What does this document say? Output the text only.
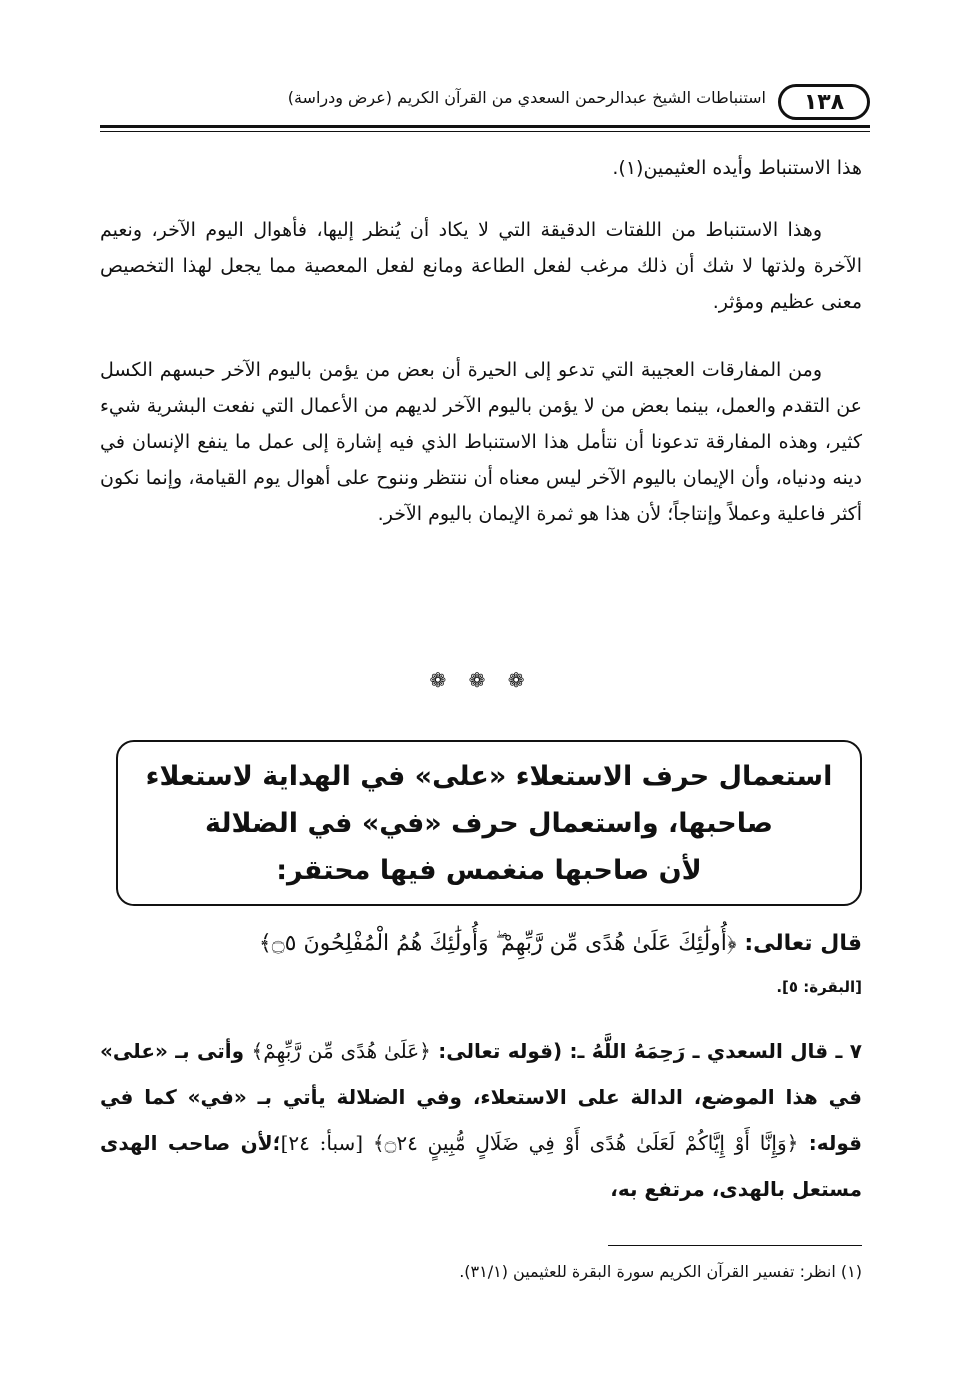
١٣٨
استنباطات الشيخ عبدالرحمن السعدي من القرآن الكريم (عرض ودراسة)
هذا الاستنباط وأيده العثيمين(١).
وهذا الاستنباط من اللفتات الدقيقة التي لا يكاد أن يُنظر إليها، فأهوال اليوم الآخر، ونعيم الآخرة ولذتها لا شك أن ذلك مرغب لفعل الطاعة ومانع لفعل المعصية مما يجعل لهذا التخصيص معنى عظيم ومؤثر.
ومن المفارقات العجيبة التي تدعو إلى الحيرة أن بعض من يؤمن باليوم الآخر حبسهم الكسل عن التقدم والعمل، بينما بعض من لا يؤمن باليوم الآخر لديهم من الأعمال التي نفعت البشرية شيء كثير، وهذه المفارقة تدعونا أن نتأمل هذا الاستنباط الذي فيه إشارة إلى عمل ما ينفع الإنسان في دينه ودنياه، وأن الإيمان باليوم الآخر ليس معناه أن ننتظر وننوح على أهوال يوم القيامة، وإنما نكون أكثر فاعلية وعملاً وإنتاجاً؛ لأن هذا هو ثمرة الإيمان باليوم الآخر.
❁ ❁ ❁
استعمال حرف الاستعلاء «على» في الهداية لاستعلاء
صاحبها، واستعمال حرف «في» في الضلالة
لأن صاحبها منغمس فيها محتقر:
قال تعالى: ﴿أُولَٰئِكَ عَلَىٰ هُدًى مِّن رَّبِّهِمْ ۖ وَأُولَٰئِكَ هُمُ الْمُفْلِحُونَ ۝٥﴾
[البقرة: ٥].
٧ ـ قال السعدي ـ رَحِمَهُ اللَّهُ ـ: (قوله تعالى: ﴿عَلَىٰ هُدًى مِّن رَّبِّهِمْ﴾ وأتى بـ «على» في هذا الموضع، الدالة على الاستعلاء، وفي الضلالة يأتي بـ «في» كما في قوله: ﴿وَإِنَّا أَوْ إِيَّاكُمْ لَعَلَىٰ هُدًى أَوْ فِي ضَلَالٍ مُّبِينٍ ۝٢٤﴾ [سبأ: ٢٤]؛لأن صاحب الهدى مستعل بالهدى، مرتفع به،
(١) انظر: تفسير القرآن الكريم سورة البقرة للعثيمين (٣١/١).
